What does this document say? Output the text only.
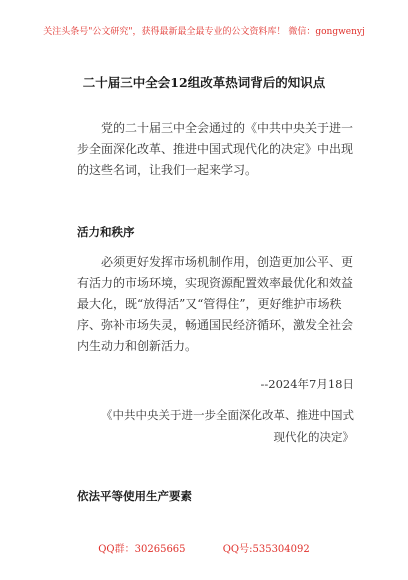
关注头条号"公文研究"，获得最新最全最专业的公文资料库！ 微信：gongwenyj
二十届三中全会12组改革热词背后的知识点

党的二十届三中全会通过的《中共中央关于进一步全面深化改革、推进中国式现代化的决定》中出现的这些名词，让我们一起来学习。

活力和秩序

必须更好发挥市场机制作用，创造更加公平、更有活力的市场环境，实现资源配置效率最优化和效益最大化，既“放得活”又“管得住”，更好维护市场秩序、弥补市场失灵，畅通国民经济循环，激发全社会内生动力和创新活力。

--2024年7月18日

《中共中央关于进一步全面深化改革、推进中国式现代化的决定》

依法平等使用生产要素
QQ群：30265665	QQ号:535304092
